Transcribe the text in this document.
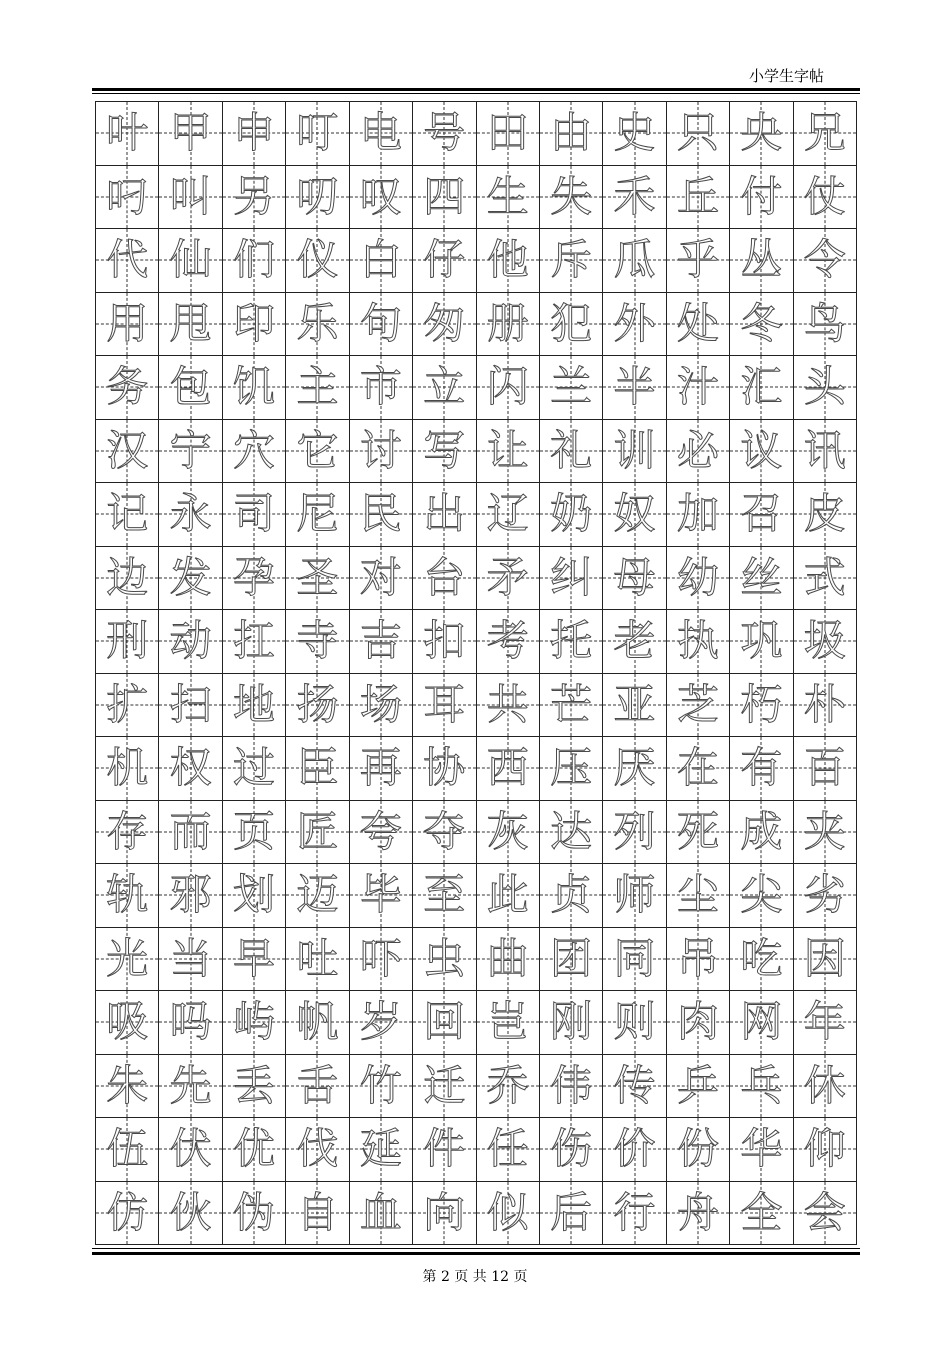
小学生字帖
叶 甲 申 叮 电 号 田 由 史 只 央 兄
叼 叫 另 叨 叹 四 生 失 禾 丘 付 仗
代 仙 们 仪 白 仔 他 斥 瓜 乎 丛 令
用 甩 印 乐 句 匆 册 犯 外 处 冬 鸟
务 包 饥 主 市 立 闪 兰 半 汁 汇 头
汉 宁 穴 它 讨 写 让 礼 训 必 议 讯
记 永 司 尼 民 出 辽 奶 奴 加 召 皮
边 发 孕 圣 对 台 矛 纠 母 幼 丝 式
刑 动 扛 寺 吉 扣 考 托 老 执 巩 圾
扩 扫 地 扬 场 耳 共 芒 亚 芝 朽 朴
机 权 过 臣 再 协 西 压 厌 在 有 百
存 而 页 匠 夸 夺 灰 达 列 死 成 夹
轨 邪 划 迈 毕 至 此 贞 师 尘 尖 劣
光 当 早 吐 吓 虫 曲 团 同 吊 吃 因
吸 吗 屿 帆 岁 回 岂 刚 则 肉 网 年
朱 先 丢 舌 竹 迁 乔 伟 传 乒 乓 休
伍 伏 优 伐 延 件 任 伤 价 份 华 仰
仿 伙 伪 自 血 向 似 后 行 舟 全 会
第 2 页 共 12 页
